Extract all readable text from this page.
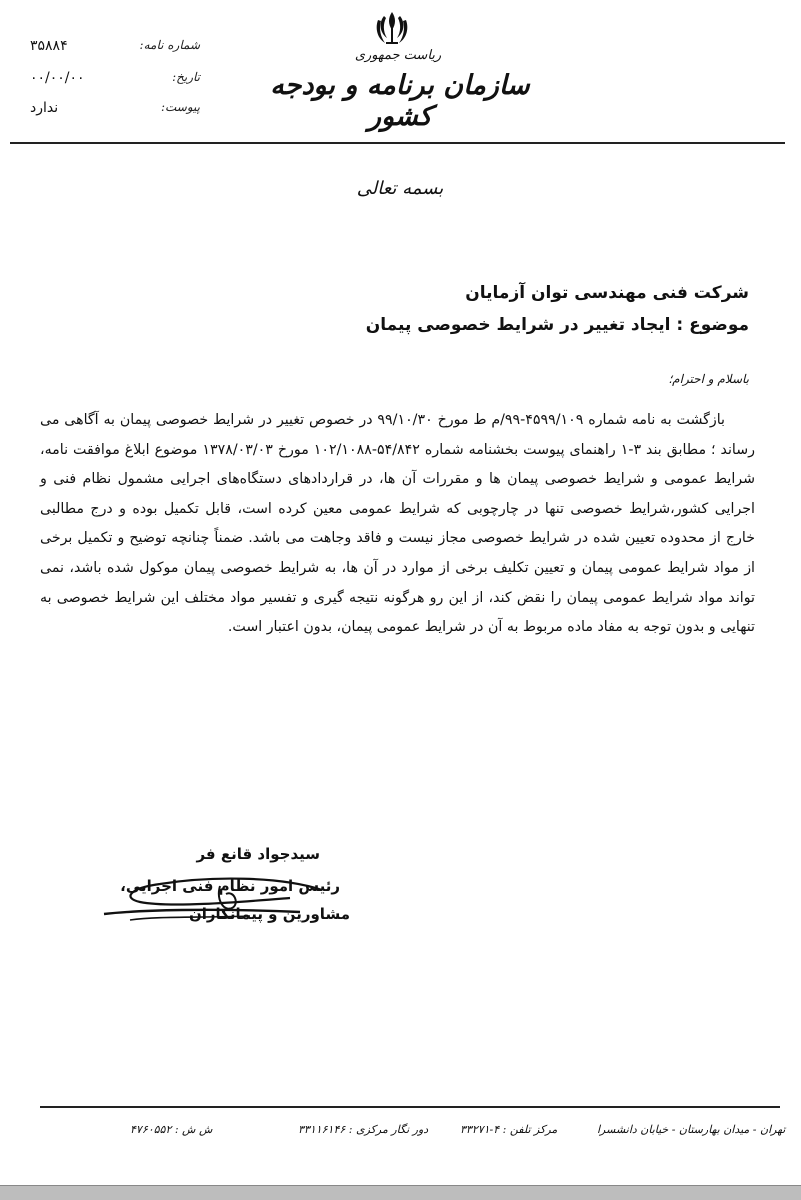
ریاست جمهوری
سازمان برنامه و بودجه کشور
شماره نامه:
۳۵۸۸۴
تاریخ:
۰۰/۰۰/۰۰
پیوست:
ندارد
بسمه تعالی
شرکت فنی مهندسی توان آزمایان
موضوع : ایجاد تغییر در شرایط خصوصی پیمان
باسلام و احترام؛
بازگشت به نامه شماره ۴۵۹۹/۱۰۹-۹۹/م ط مورخ ۹۹/۱۰/۳۰ در خصوص تغییر در شرایط خصوصی پیمان به آگاهی می رساند ؛ مطابق بند ۳-۱ راهنمای پیوست بخشنامه شماره ۵۴/۸۴۲-۱۰۲/۱۰۸۸ مورخ ۱۳۷۸/۰۳/۰۳ موضوع ابلاغ موافقت نامه، شرایط عمومی و شرایط خصوصی پیمان ها و مقررات آن ها، در قراردادهای دستگاه‌های اجرایی مشمول نظام فنی و اجرایی کشور،شرایط خصوصی تنها در چارچوبی که شرایط عمومی معین کرده است، قابل تکمیل بوده و درج مطالبی خارج از محدوده تعیین شده در شرایط خصوصی مجاز نیست و فاقد وجاهت می باشد. ضمناً چنانچه توضیح و تکمیل برخی از مواد شرایط عمومی پیمان و تعیین تکلیف برخی از موارد در آن ها، به شرایط خصوصی پیمان موکول شده باشد، نمی تواند مواد شرایط عمومی پیمان را نقض کند، از این رو هرگونه نتیجه گیری و تفسیر مواد مختلف این شرایط خصوصی به تنهایی و بدون توجه به مفاد ماده مربوط به آن در شرایط عمومی پیمان، بدون اعتبار است.
سیدجواد قانع فر
رئیس امور نظام فنی اجرایی،
مشاورین و پیمانکاران
تهران - میدان بهارستان - خیابان دانشسرا
مرکز تلفن : ۴-۳۳۲۷۱
دور نگار مرکزی : ۳۳۱۱۶۱۴۶
ش ش : ۴۷۶۰۵۵۲
